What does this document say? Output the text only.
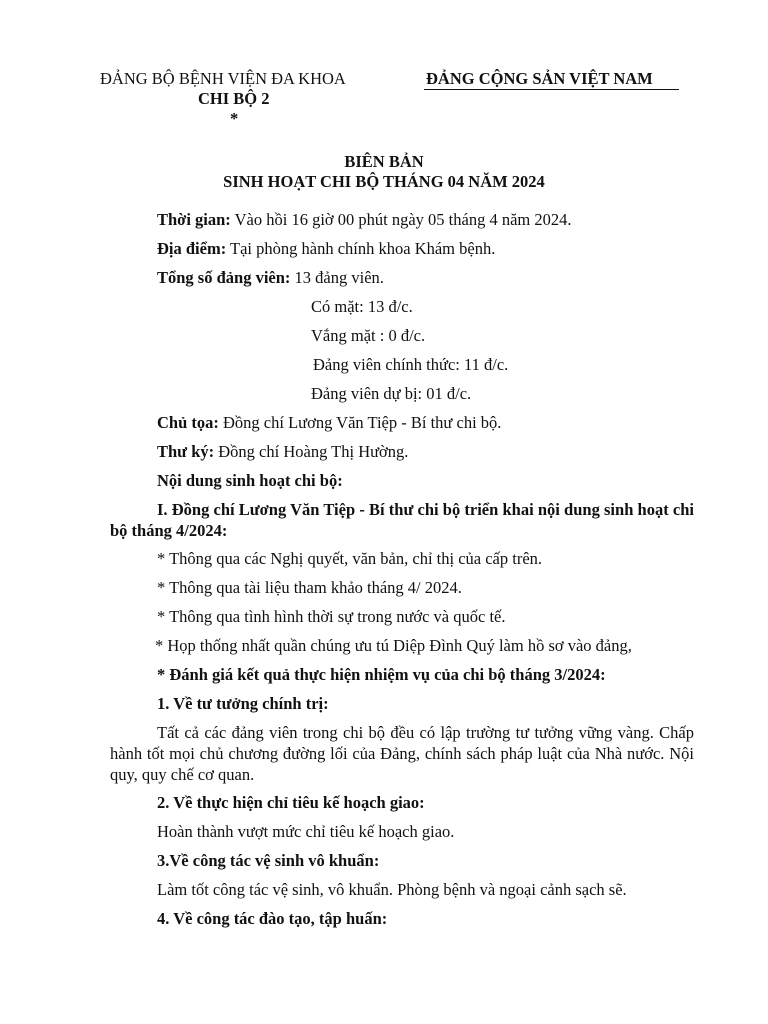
ĐẢNG BỘ BỆNH VIỆN ĐA KHOA
CHI BỘ 2
*
ĐẢNG CỘNG SẢN VIỆT NAM
BIÊN BẢN
SINH HOẠT CHI BỘ THÁNG 04 NĂM 2024
Thời gian: Vào hồi 16 giờ 00 phút ngày 05 tháng 4 năm 2024.
Địa điểm: Tại phòng hành chính khoa Khám bệnh.
Tổng số đảng viên: 13 đảng viên.
Có mặt: 13 đ/c.
Vắng mặt : 0 đ/c.
Đảng viên chính thức: 11 đ/c.
Đảng viên dự bị: 01 đ/c.
Chủ tọa: Đồng chí Lương Văn Tiệp - Bí thư chi bộ.
Thư ký: Đồng chí Hoàng Thị Hường.
Nội dung sinh hoạt chi bộ:
I. Đồng chí Lương Văn Tiệp - Bí thư chi bộ triển khai nội dung sinh hoạt chi bộ tháng 4/2024:
* Thông qua các Nghị quyết, văn bản, chỉ thị của cấp trên.
* Thông qua tài liệu tham khảo tháng 4/ 2024.
* Thông qua tình hình thời sự trong nước và quốc tế.
* Họp thống nhất quần chúng ưu tú Diệp Đình Quý làm hồ sơ vào đảng,
* Đánh giá kết quả thực hiện nhiệm vụ của chi bộ tháng 3/2024:
1. Về tư tưởng chính trị:
Tất cả các đảng viên trong chi bộ đều có lập trường tư tưởng vững vàng. Chấp hành tốt mọi chủ chương đường lối của Đảng, chính sách pháp luật của Nhà nước. Nội quy, quy chế cơ quan.
2. Về thực hiện chỉ tiêu kế hoạch giao:
Hoàn thành vượt mức chỉ tiêu kế hoạch giao.
3.Về công tác vệ sinh vô khuẩn:
Làm tốt công tác vệ sinh, vô khuẩn. Phòng bệnh và ngoại cảnh sạch sẽ.
4. Về công tác đào tạo, tập huấn:
